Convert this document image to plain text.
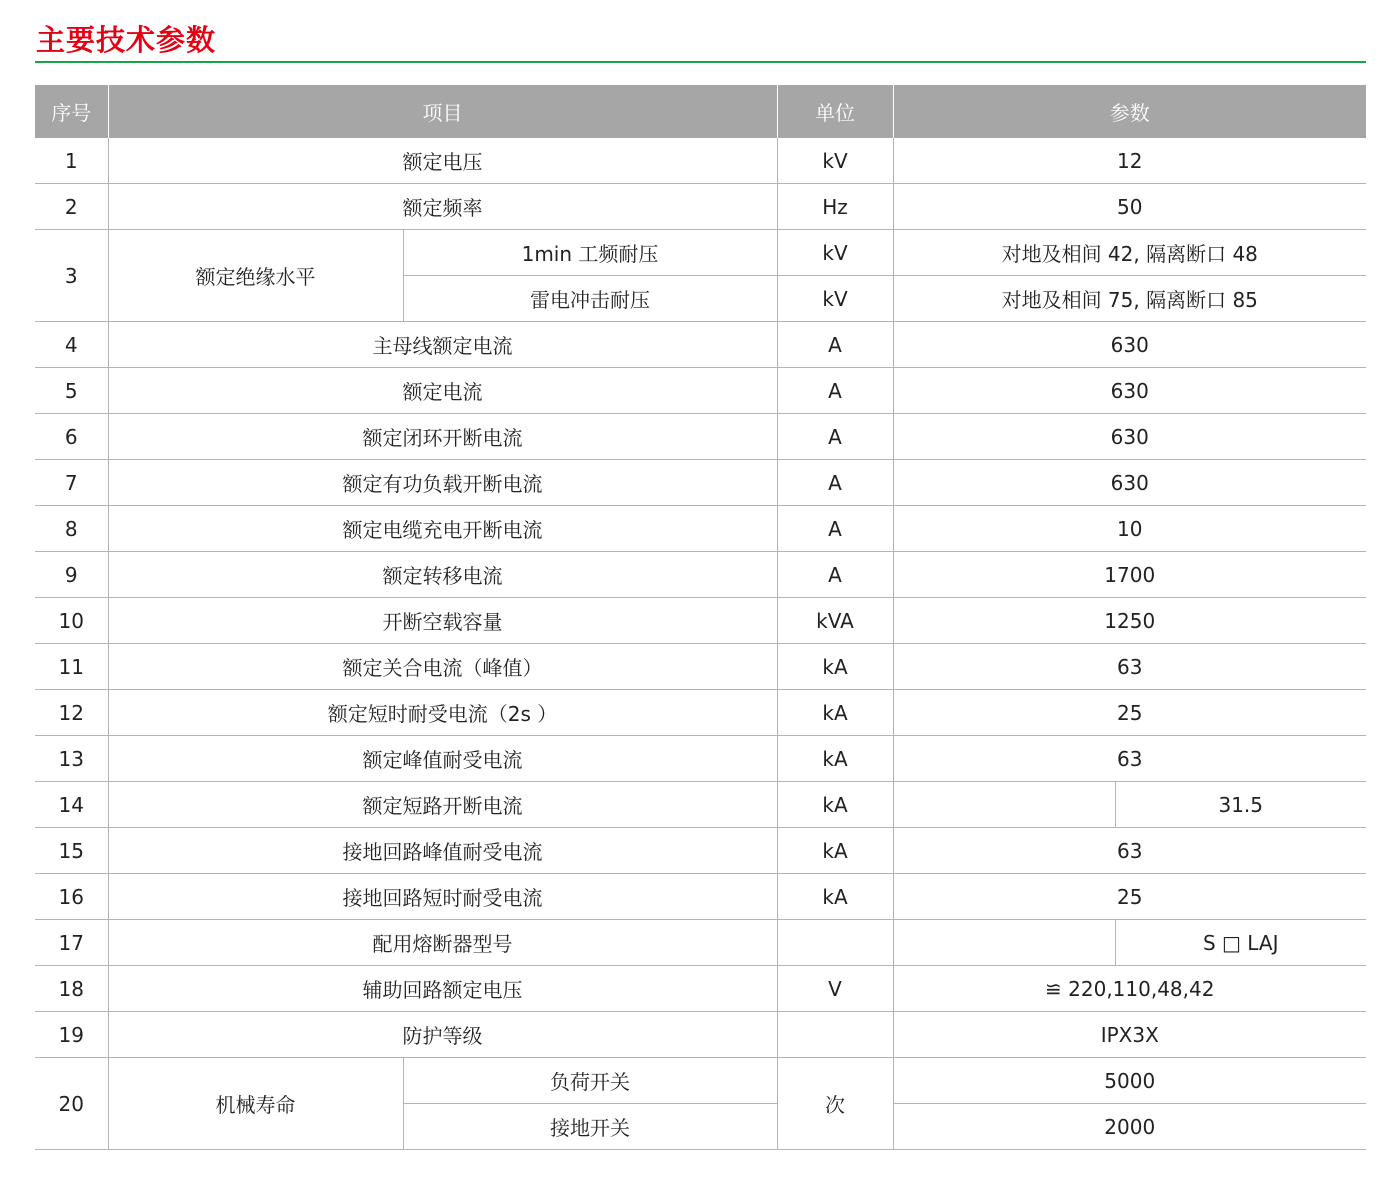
主要技术参数
序号	项目		单位	参数	
1	额定电压		kV	12	
2	额定频率		Hz	50	
3	额定绝缘水平	1min 工频耐压	kV	对地及相间 42, 隔离断口 48	
		雷电冲击耐压	kV	对地及相间 75, 隔离断口 85	
4	主母线额定电流		A	630	
5	额定电流		A	630	
6	额定闭环开断电流		A	630	
7	额定有功负载开断电流		A	630	
8	额定电缆充电开断电流		A	10	
9	额定转移电流		A	1700	
10	开断空载容量		kVA	1250	
11	额定关合电流（峰值）		kA	63	
12	额定短时耐受电流（2s ）		kA	25	
13	额定峰值耐受电流		kA	63	
14	额定短路开断电流		kA		31.5
15	接地回路峰值耐受电流		kA	63	
16	接地回路短时耐受电流		kA	25	
17	配用熔断器型号				S □ LAJ
18	辅助回路额定电压		V	≌ 220,110,48,42	
19	防护等级			IPX3X	
20	机械寿命	负荷开关	次	5000	
		接地开关		2000	
